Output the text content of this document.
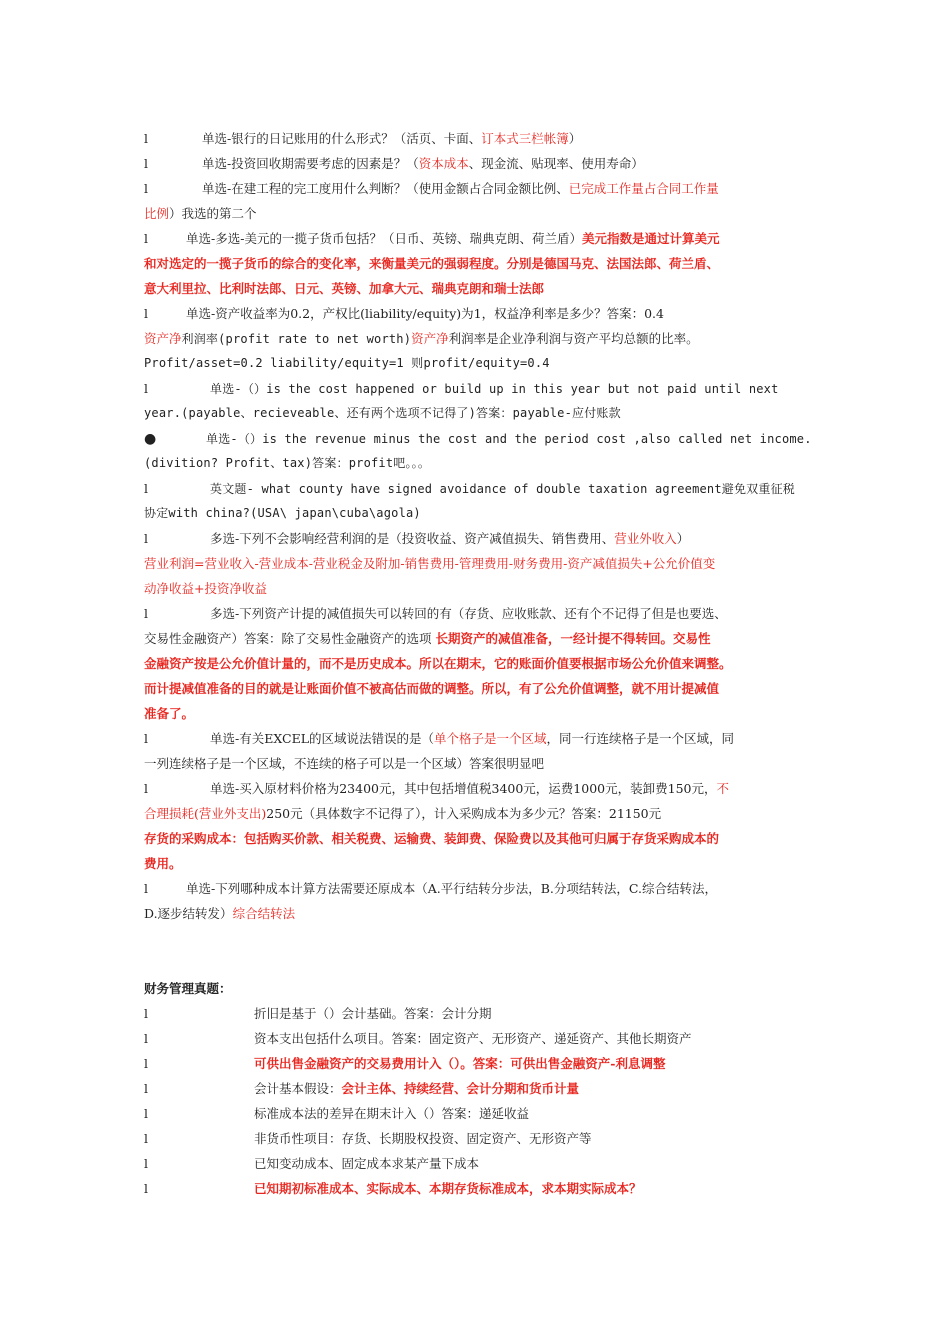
l	单选-银行的日记账用的什么形式？（活页、卡面、订本式三栏帐簿）
l	单选-投资回收期需要考虑的因素是？（资本成本、现金流、贴现率、使用寿命）
l	单选-在建工程的完工度用什么判断？（使用金额占合同金额比例、已完成工作量占合同工作量
比例）我选的第二个
l	单选-多选-美元的一揽子货币包括？（日币、英镑、瑞典克朗、荷兰盾）美元指数是通过计算美元
和对选定的一揽子货币的综合的变化率，来衡量美元的强弱程度。分别是德国马克、法国法郎、荷兰盾、
意大利里拉、比利时法郎、日元、英镑、加拿大元、瑞典克朗和瑞士法郎
l	单选-资产收益率为0.2，产权比(liability/equity)为1，权益净利率是多少？答案：0.4
资产净利润率(profit rate to net worth)资产净利润率是企业净利润与资产平均总额的比率。
Profit/asset=0.2 liability/equity=1 则profit/equity=0.4
l	单选-（）is the cost happened or build up in this year but not paid until next
year.(payable、recieveable、还有两个选项不记得了)答案：payable-应付账款
●	单选-（）is the revenue minus the cost and the period cost ,also called net income.
(divition? Profit、tax)答案：profit吧。。。
l	英文题- what county have signed avoidance of double taxation agreement避免双重征税
协定with china?(USA\ japan\cuba\agola)
l	多选-下列不会影响经营利润的是（投资收益、资产减值损失、销售费用、营业外收入）
营业利润=营业收入-营业成本-营业税金及附加-销售费用-管理费用-财务费用-资产减值损失+公允价值变
动净收益+投资净收益
l	多选-下列资产计提的减值损失可以转回的有（存货、应收账款、还有个不记得了但是也要选、
交易性金融资产）答案：除了交易性金融资产的选项 长期资产的减值准备，一经计提不得转回。交易性
金融资产按是公允价值计量的，而不是历史成本。所以在期末，它的账面价值要根据市场公允价值来调整。
而计提减值准备的目的就是让账面价值不被高估而做的调整。所以，有了公允价值调整，就不用计提减值
准备了。
l	单选-有关EXCEL的区域说法错误的是（单个格子是一个区域，同一行连续格子是一个区域，同
一列连续格子是一个区域，不连续的格子可以是一个区域）答案很明显吧
l	单选-买入原材料价格为23400元，其中包括增值税3400元，运费1000元，装卸费150元，不
合理损耗(营业外支出)250元（具体数字不记得了），计入采购成本为多少元？答案：21150元
存货的采购成本：包括购买价款、相关税费、运输费、装卸费、保险费以及其他可归属于存货采购成本的
费用。
l	单选-下列哪种成本计算方法需要还原成本（A.平行结转分步法，B.分项结转法，C.综合结转法，
D.逐步结转发）综合结转法
财务管理真题：
l	折旧是基于（）会计基础。答案：会计分期
l	资本支出包括什么项目。答案：固定资产、无形资产、递延资产、其他长期资产
l	可供出售金融资产的交易费用计入（）。答案：可供出售金融资产-利息调整
l	会计基本假设：会计主体、持续经营、会计分期和货币计量
l	标准成本法的差异在期末计入（）答案：递延收益
l	非货币性项目：存货、长期股权投资、固定资产、无形资产等
l	已知变动成本、固定成本求某产量下成本
l	已知期初标准成本、实际成本、本期存货标准成本，求本期实际成本？
